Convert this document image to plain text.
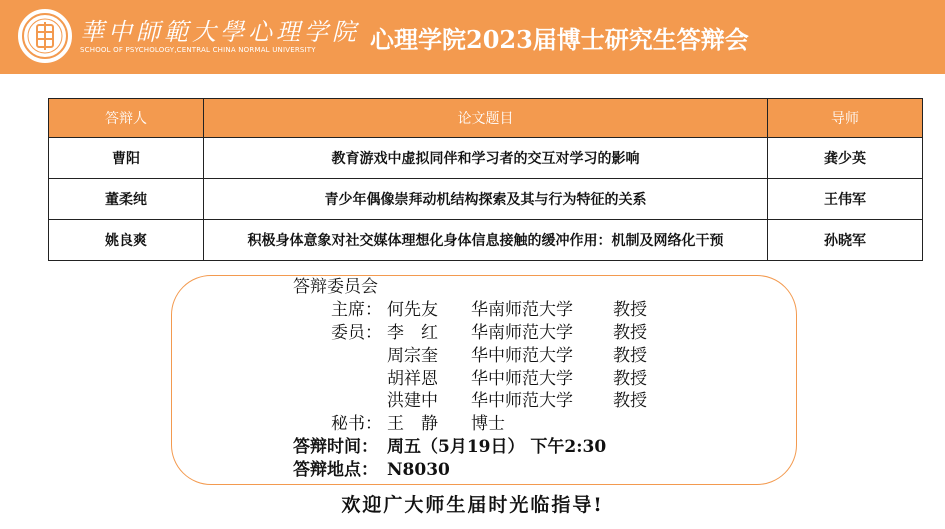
華中師範大學心理学院
SCHOOL OF PSYCHOLOGY,CENTRAL CHINA NORMAL UNIVERSITY 心理学院2023届博士研究生答辩会
答辩人	论文题目	导师
曹阳	教育游戏中虚拟同伴和学习者的交互对学习的影响	龚少英
董柔纯	青少年偶像崇拜动机结构探索及其与行为特征的关系	王伟军
姚良爽	积极身体意象对社交媒体理想化身体信息接触的缓冲作用：机制及网络化干预	孙晓军
答辩委员会
主席： 何先友 华南师范大学 教授
委员： 李　红 华南师范大学 教授
周宗奎 华中师范大学 教授
胡祥恩 华中师范大学 教授
洪建中 华中师范大学 教授
秘书： 王　静 博士
答辩时间： 周五（5月19日） 下午2:30
答辩地点： N8030
欢迎广大师生届时光临指导!
